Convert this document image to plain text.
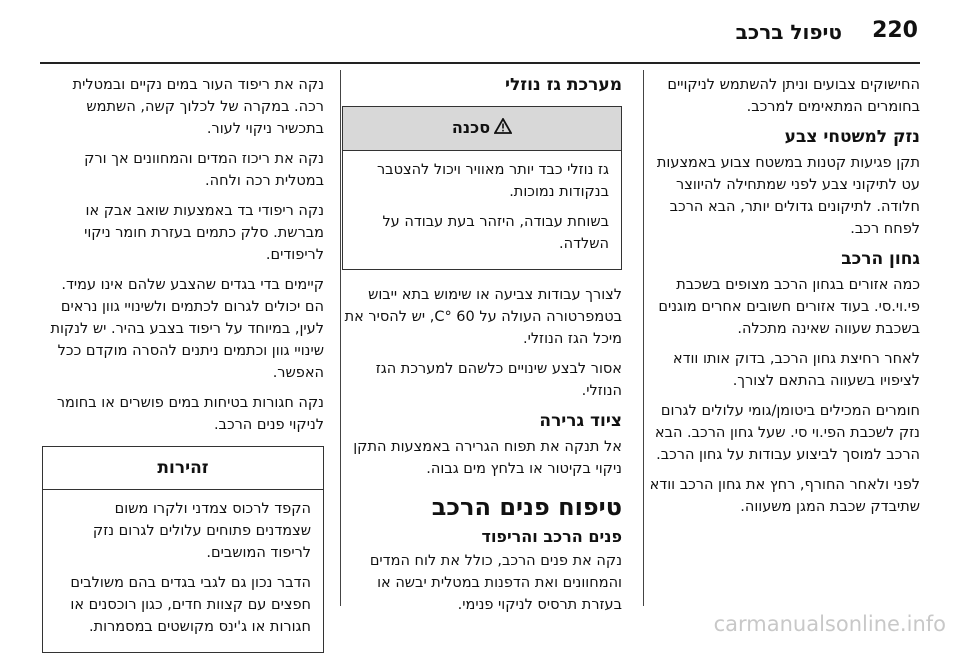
220
טיפול ברכב

החישוקים צבועים וניתן להשתמש לניקויים בחומרים המתאימים למרכב.

נזק למשטחי צבע

תקן פגיעות קטנות במשטח צבוע באמצעות עט לתיקוני צבע לפני שמתחילה להיווצר חלודה. לתיקונים גדולים יותר, הבא הרכב לפחח רכב.

גחון הרכב

כמה אזורים בגחון הרכב מצופים בשכבת פי.וי.סי. בעוד אזורים חשובים אחרים מוגנים בשכבת שעווה שאינה מתכלה.

לאחר רחיצת גחון הרכב, בדוק אותו וודא לציפויו בשעווה בהתאם לצורך.

חומרים המכילים ביטומן/גומי עלולים לגרום נזק לשכבת הפי.וי סי. שעל גחון הרכב. הבא הרכב למוסך לביצוע עבודות על גחון הרכב.

לפני ולאחר החורף, רחץ את גחון הרכב וודא שתיבדק שכבת המגן משעווה.

מערכת גז נוזלי
סכנה

גז נוזלי כבד יותר מאוויר ויכול להצטבר בנקודות נמוכות.

בשוחת עבודה, היזהר בעת עבודה על השלדה.

לצורך עבודות צביעה או שימוש בתא ייבוש בטמפרטורה העולה על 60 °C, יש להסיר את מיכל הגז הנוזלי.

אסור לבצע שינויים כלשהם למערכת הגז הנוזלי.

ציוד גרירה

אל תנקה את תפוח הגרירה באמצעות התקן ניקוי בקיטור או בלחץ מים גבוה.

טיפוח פנים הרכב
פנים הרכב והריפוד

נקה את פנים הרכב, כולל את לוח המדים והמחוונים ואת הדפנות במטלית יבשה או בעזרת תרסיס לניקוי פנימי.

נקה את ריפוד העור במים נקיים ובמטלית רכה. במקרה של לכלוך קשה, השתמש בתכשיר ניקוי לעור.

נקה את ריכוז המדים והמחוונים אך ורק במטלית רכה ולחה.

נקה ריפודי בד באמצעות שואב אבק או מברשת. סלק כתמים בעזרת חומר ניקוי לריפודים.

קיימים בדי בגדים שהצבע שלהם אינו עמיד. הם יכולים לגרום לכתמים ולשינויי גוון נראים לעין, במיוחד על ריפוד בצבע בהיר. יש לנקות שינויי גוון וכתמים ניתנים להסרה מוקדם ככל האפשר.

נקה חגורות בטיחות במים פושרים או בחומר לניקוי פנים הרכב.

זהירות

הקפד לרכוס צמדני ולקרו משום שצמדנים פתוחים עלולים לגרום נזק לריפוד המושבים.

הדבר נכון גם לגבי בגדים בהם משולבים חפצים עם קצוות חדים, כגון רוכסנים או חגורות או ג'ינס מקושטים במסמרות.	carmanualsonline.info
